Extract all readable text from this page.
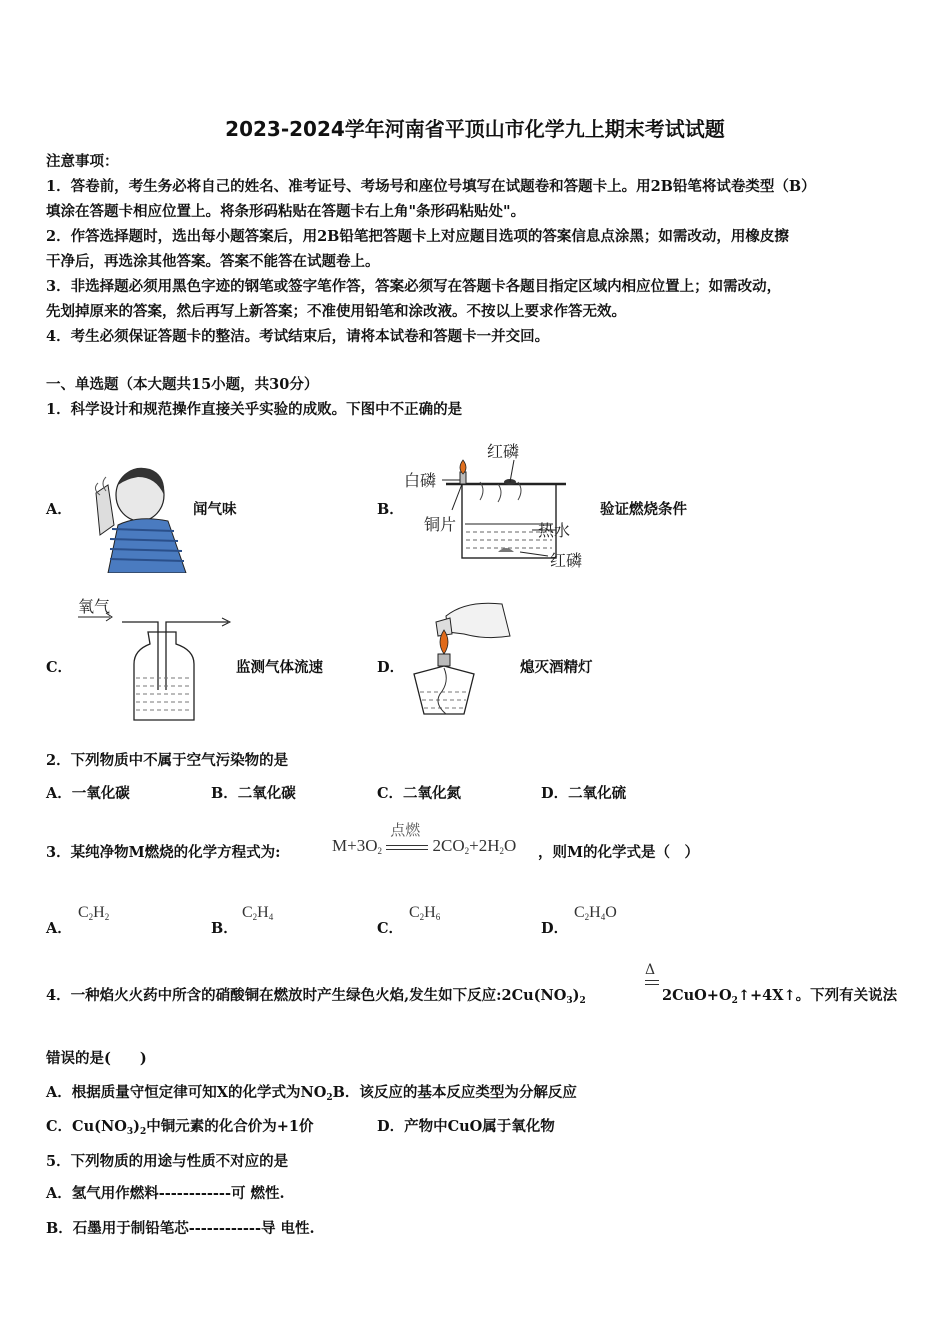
2023-2024学年河南省平顶山市化学九上期末考试试题
注意事项：
1．答卷前，考生务必将自己的姓名、准考证号、考场号和座位号填写在试题卷和答题卡上。用2B铅笔将试卷类型（B）
填涂在答题卡相应位置上。将条形码粘贴在答题卡右上角"条形码粘贴处"。
2．作答选择题时，选出每小题答案后，用2B铅笔把答题卡上对应题目选项的答案信息点涂黑；如需改动，用橡皮擦
干净后，再选涂其他答案。答案不能答在试题卷上。
3．非选择题必须用黑色字迹的钢笔或签字笔作答，答案必须写在答题卡各题目指定区域内相应位置上；如需改动，
先划掉原来的答案，然后再写上新答案；不准使用铅笔和涂改液。不按以上要求作答无效。
4．考生必须保证答题卡的整洁。考试结束后，请将本试卷和答题卡一并交回。
一、单选题（本大题共15小题，共30分）
1．科学设计和规范操作直接关乎实验的成败。下图中不正确的是
A．	闻气味	B．
红磷
白磷
铜片	热水
红磷
验证燃烧条件
C．
氧气
监测气体流速	D．	熄灭酒精灯
2．下列物质中不属于空气污染物的是
A．一氧化碳	B．二氧化碳	C．二氧化氮	D．二氧化硫
3．某纯净物M燃烧的化学方程式为:	$M+3O_2$
点燃
$2CO_2+2H_2O$ ，则M的化学式是（　）
A．
$C_2H_2$
B．
$C_2H_4$
C．
$C_2H_6$
D．
$C_2H_4O$
4．一种焰火火药中所含的硝酸铜在燃放时产生绿色火焰,发生如下反应$:2Cu(NO_3)_2$
Δ
$2CuO+O_2↑+4X↑$。下列有关说法
错误的是(　　)
A．根据质量守恒定律可知X的化学式为$NO_2B$．该反应的基本反应类型为分解反应
C．$Cu(NO_3)_2$中铜元素的化合价为+1价	D．产物中CuO属于氧化物
5．下列物质的用途与性质不对应的是
A．氢气用作燃料------------可 燃性.
B．石墨用于制铅笔芯------------导 电性.
